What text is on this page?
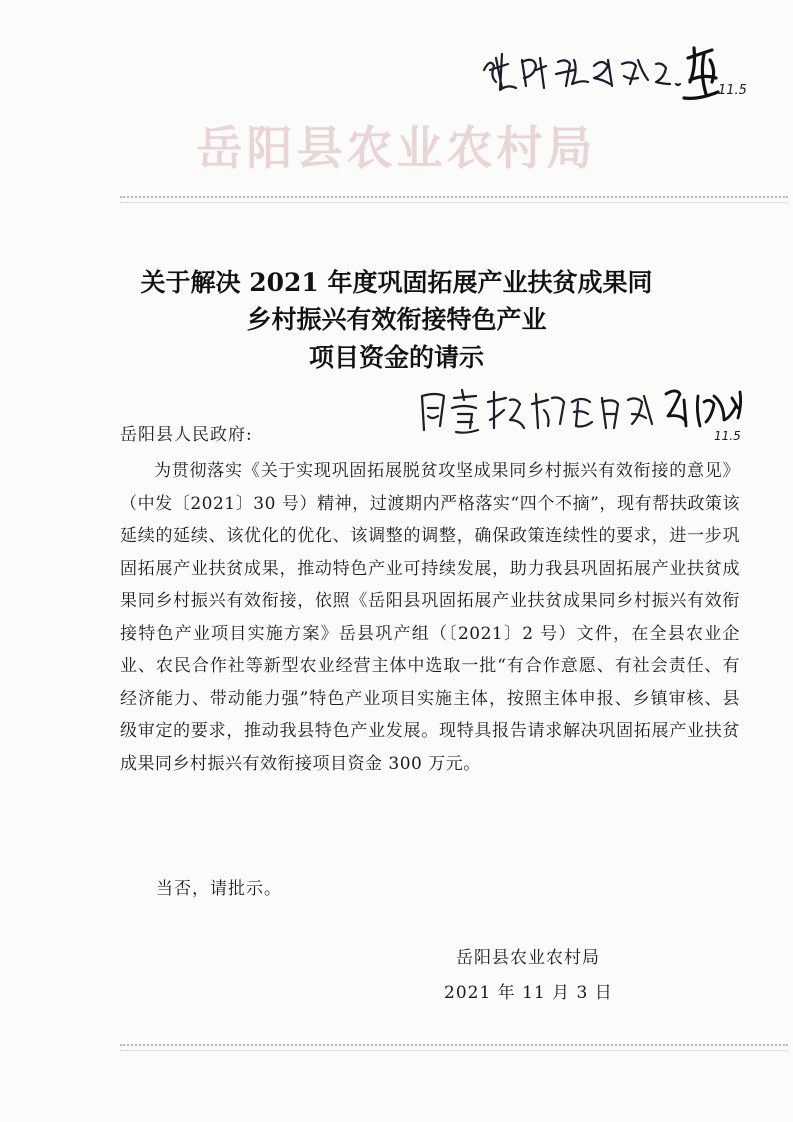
11.5
岳阳县农业农村局
关于解决 2021 年度巩固拓展产业扶贫成果同
乡村振兴有效衔接特色产业
项目资金的请示
11.5
岳阳县人民政府:
为贯彻落实《关于实现巩固拓展脱贫攻坚成果同乡村振兴有效衔接的意见》（中发〔2021〕30 号）精神，过渡期内严格落实“四个不摘”，现有帮扶政策该延续的延续、该优化的优化、该调整的调整，确保政策连续性的要求，进一步巩固拓展产业扶贫成果，推动特色产业可持续发展，助力我县巩固拓展产业扶贫成果同乡村振兴有效衔接，依照《岳阳县巩固拓展产业扶贫成果同乡村振兴有效衔接特色产业项目实施方案》岳县巩产组（〔2021〕2 号）文件，在全县农业企业、农民合作社等新型农业经营主体中选取一批“有合作意愿、有社会责任、有经济能力、带动能力强”特色产业项目实施主体，按照主体申报、乡镇审核、县级审定的要求，推动我县特色产业发展。现特具报告请求解决巩固拓展产业扶贫成果同乡村振兴有效衔接项目资金 300 万元。
当否，请批示。
岳阳县农业农村局
2021 年 11 月 3 日
